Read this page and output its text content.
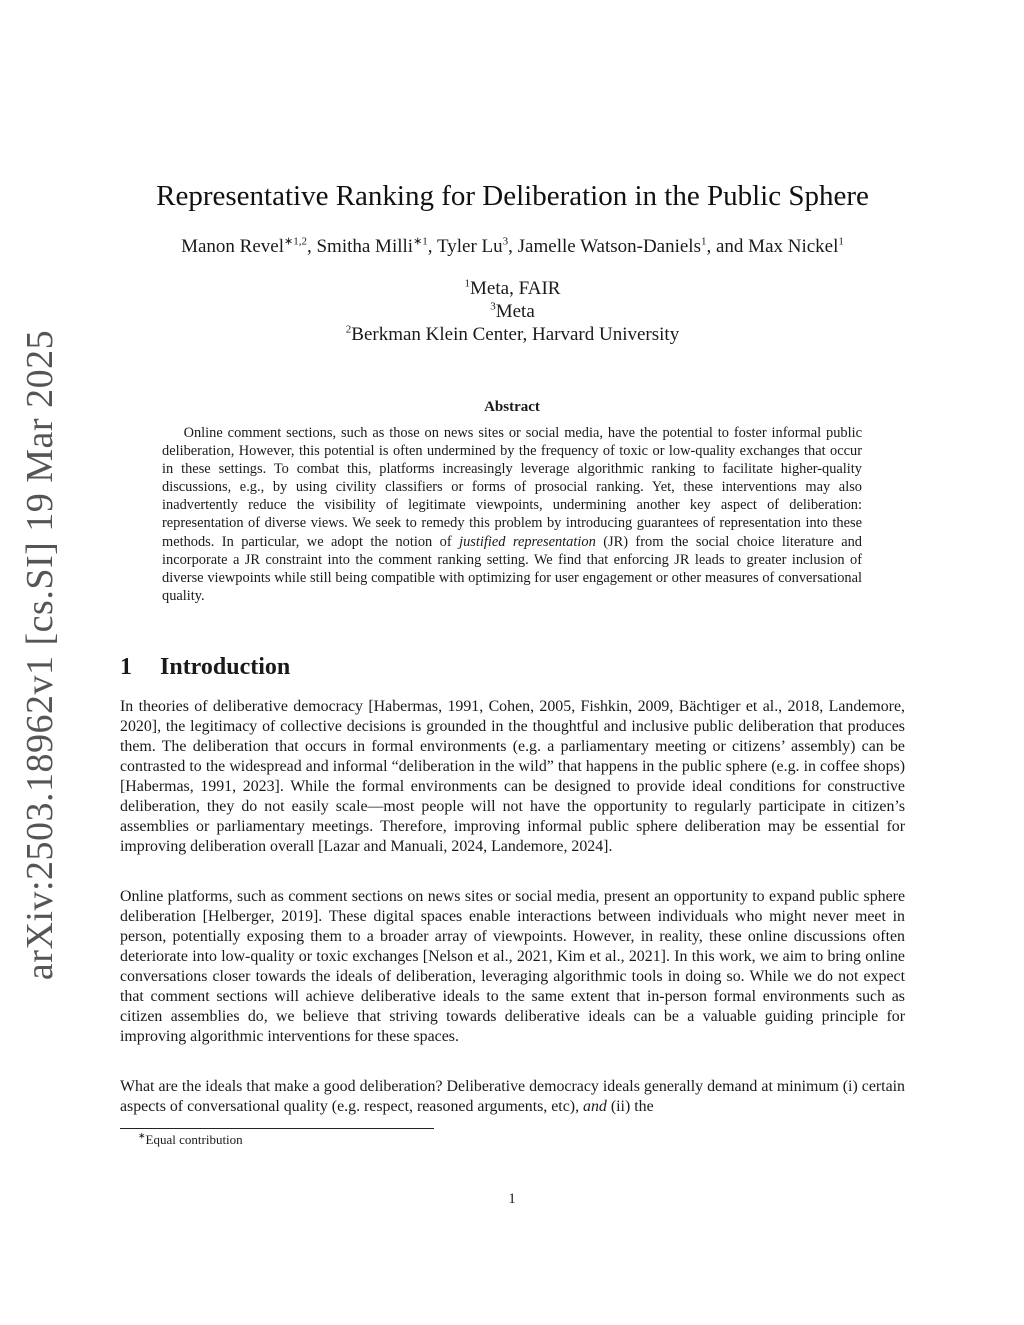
arXiv:2503.18962v1 [cs.SI] 19 Mar 2025
Representative Ranking for Deliberation in the Public Sphere
Manon Revel$^{∗1,2}$, Smitha Milli$^{∗1}$, Tyler Lu$^3$, Jamelle Watson-Daniels$^1$, and Max Nickel$^1$
$^1$Meta, FAIR
$^3$Meta
$^2$Berkman Klein Center, Harvard University
Abstract

Online comment sections, such as those on news sites or social media, have the potential to foster informal public deliberation, However, this potential is often undermined by the frequency of toxic or low-quality exchanges that occur in these settings. To combat this, platforms increasingly leverage algorithmic ranking to facilitate higher-quality discussions, e.g., by using civility classifiers or forms of prosocial ranking. Yet, these interventions may also inadvertently reduce the visibility of legitimate viewpoints, undermining another key aspect of deliberation: representation of diverse views. We seek to remedy this problem by introducing guarantees of representation into these methods. In particular, we adopt the notion of justified representation (JR) from the social choice literature and incorporate a JR constraint into the comment ranking setting. We find that enforcing JR leads to greater inclusion of diverse viewpoints while still being compatible with optimizing for user engagement or other measures of conversational quality.

1 Introduction

In theories of deliberative democracy [Habermas, 1991, Cohen, 2005, Fishkin, 2009, Bächtiger et al., 2018, Landemore, 2020], the legitimacy of collective decisions is grounded in the thoughtful and inclusive public deliberation that produces them. The deliberation that occurs in formal environments (e.g. a parliamentary meeting or citizens’ assembly) can be contrasted to the widespread and informal “deliberation in the wild” that happens in the public sphere (e.g. in coffee shops) [Habermas, 1991, 2023]. While the formal environments can be designed to provide ideal conditions for constructive deliberation, they do not easily scale—most people will not have the opportunity to regularly participate in citizen’s assemblies or parliamentary meetings. Therefore, improving informal public sphere deliberation may be essential for improving deliberation overall [Lazar and Manuali, 2024, Landemore, 2024].

Online platforms, such as comment sections on news sites or social media, present an opportunity to expand public sphere deliberation [Helberger, 2019]. These digital spaces enable interactions between individuals who might never meet in person, potentially exposing them to a broader array of viewpoints. However, in reality, these online discussions often deteriorate into low-quality or toxic exchanges [Nelson et al., 2021, Kim et al., 2021]. In this work, we aim to bring online conversations closer towards the ideals of deliberation, leveraging algorithmic tools in doing so. While we do not expect that comment sections will achieve deliberative ideals to the same extent that in-person formal environments such as citizen assemblies do, we believe that striving towards deliberative ideals can be a valuable guiding principle for improving algorithmic interventions for these spaces.

What are the ideals that make a good deliberation? Deliberative democracy ideals generally demand at minimum (i) certain aspects of conversational quality (e.g. respect, reasoned arguments, etc), and (ii) the

∗Equal contribution
1
